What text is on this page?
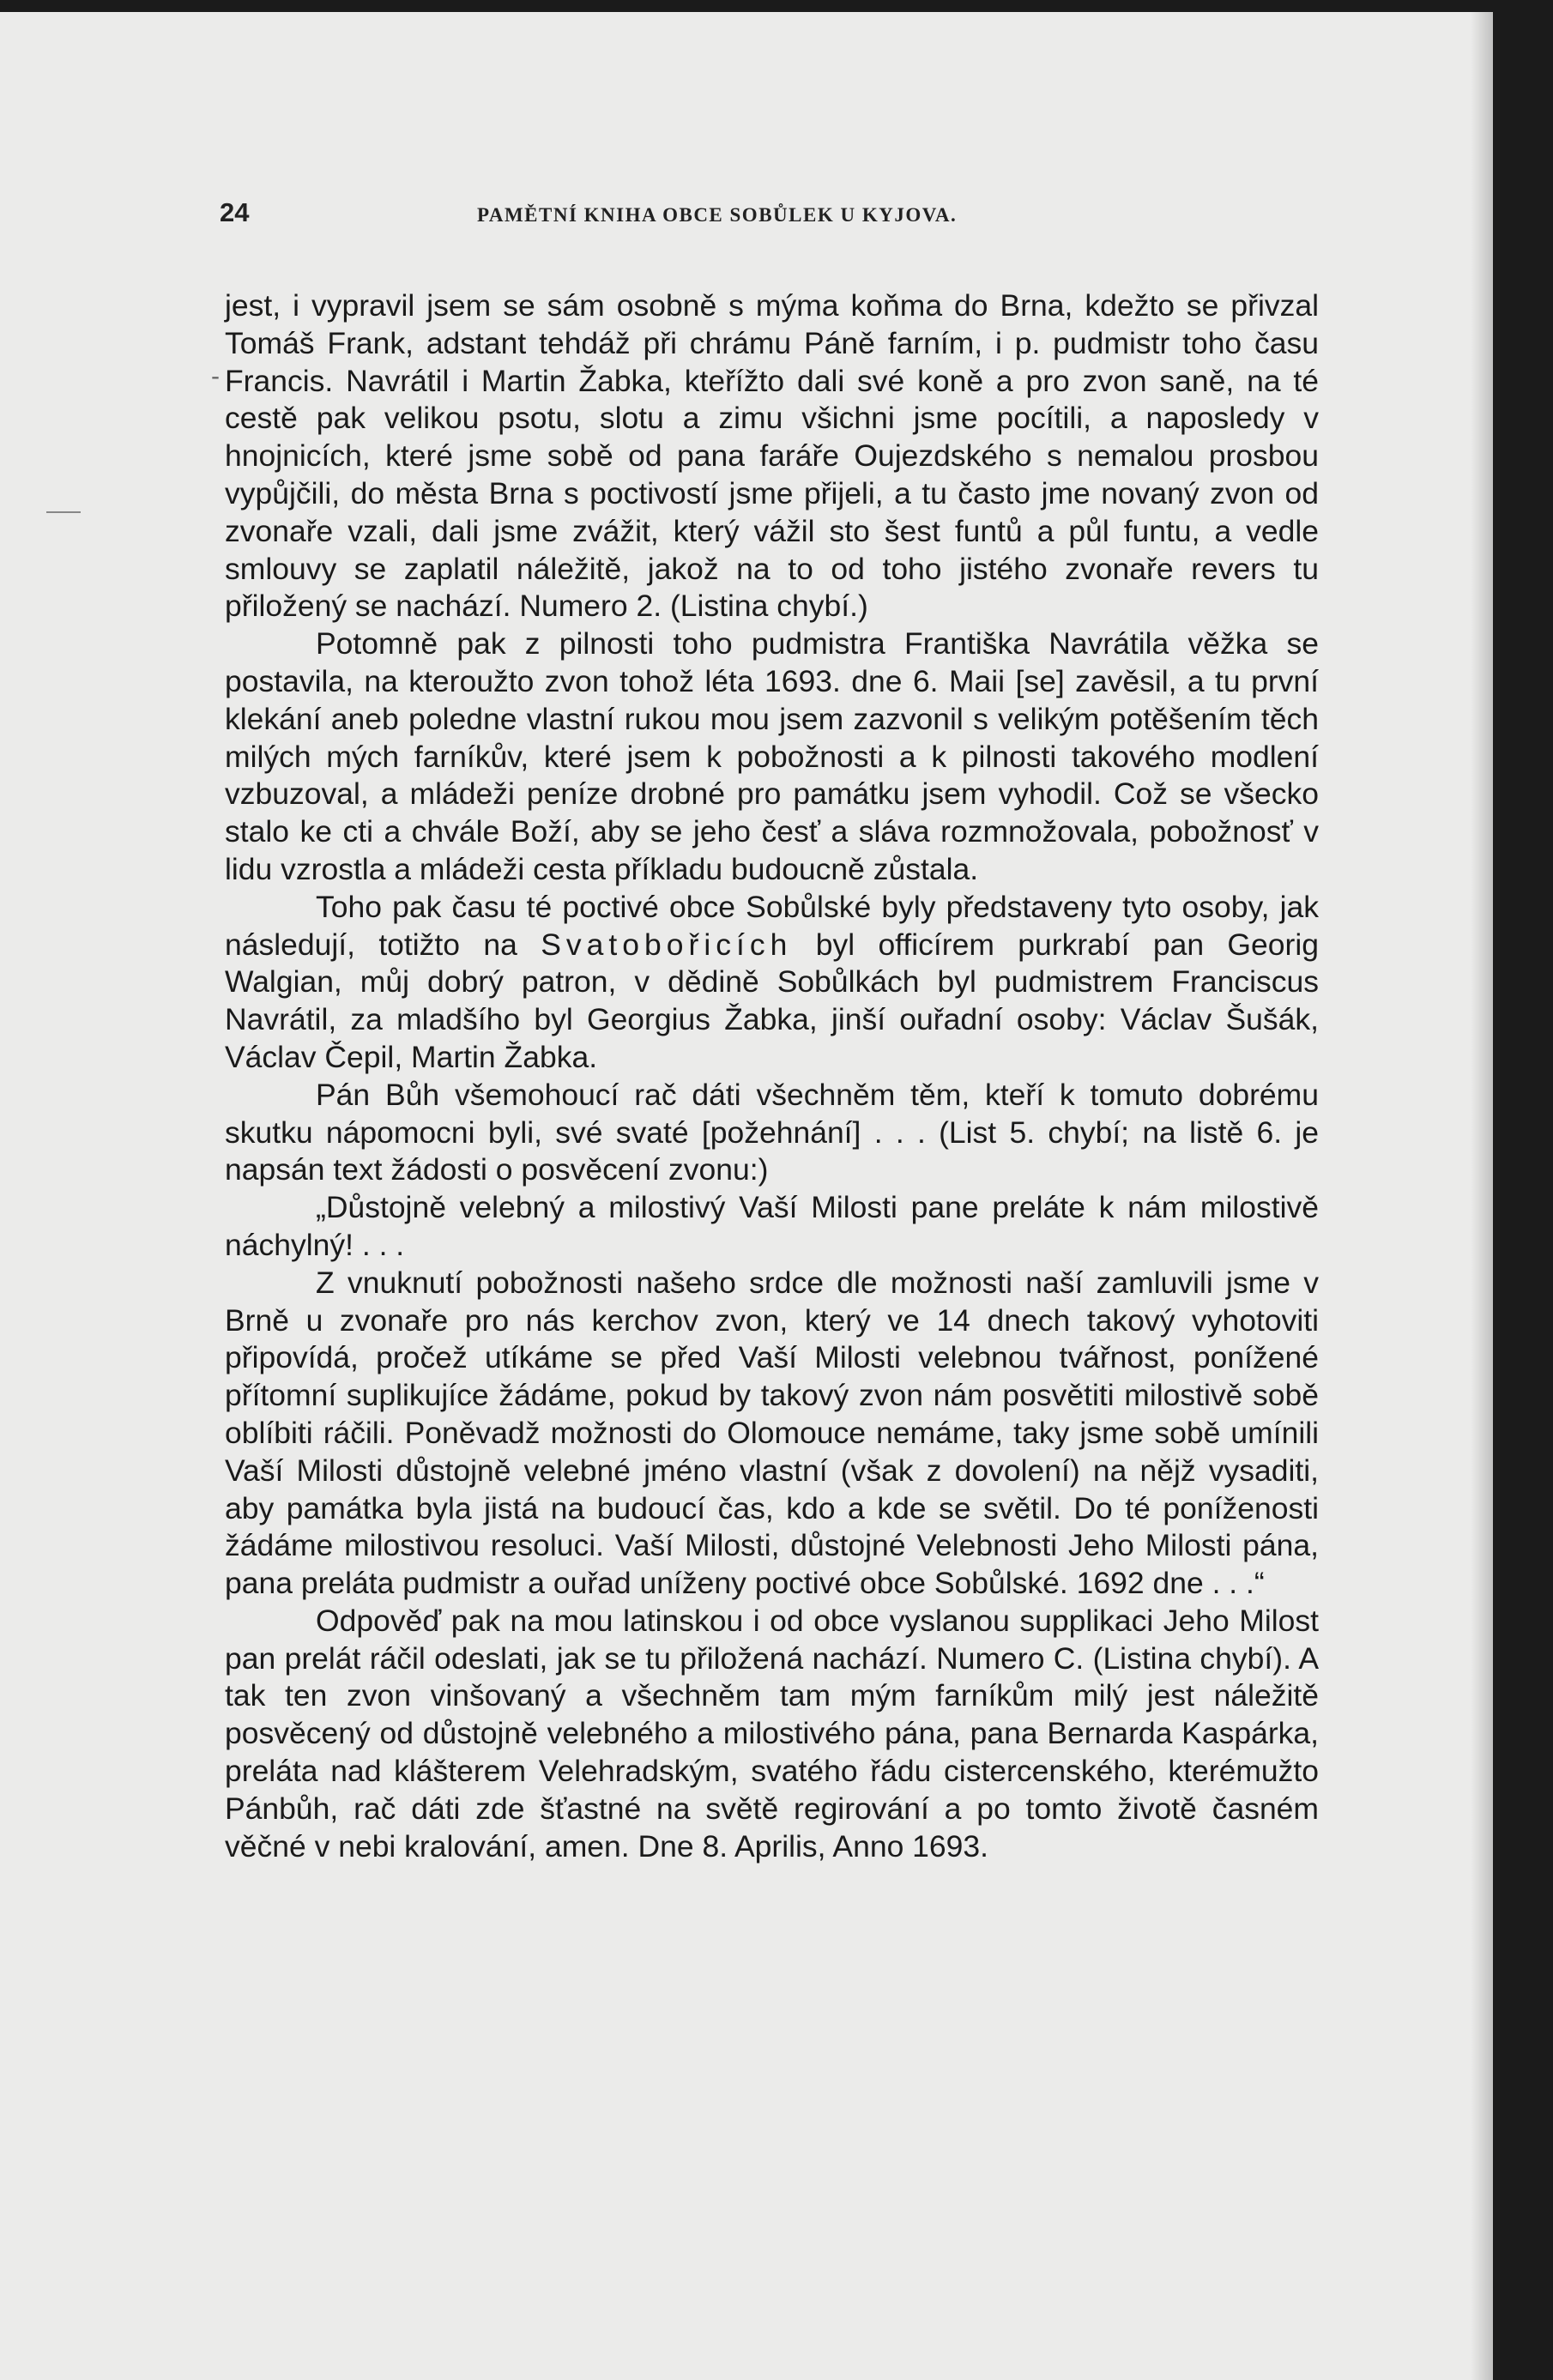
24	PAMĚTNÍ KNIHA OBCE SOBŮLEK U KYJOVA.
-

jest, i vypravil jsem se sám osobně s mýma koňma do Brna, kdežto se přivzal Tomáš Frank, adstant tehdáž při chrámu Páně farním, i p. pudmistr toho času Francis. Navrátil i Martin Žabka, kteřížto dali své koně a pro zvon saně, na té cestě pak velikou psotu, slotu a zimu všichni jsme pocítili, a naposledy v hnojnicích, které jsme sobě od pana faráře Oujezdského s nemalou prosbou vypůjčili, do města Brna s poctivostí jsme přijeli, a tu často jme novaný zvon od zvonaře vzali, dali jsme zvážit, který vážil sto šest funtů a půl funtu, a vedle smlouvy se zaplatil náležitě, jakož na to od toho jistého zvonaře revers tu přiložený se nachází. Numero 2. (Listina chybí.)

Potomně pak z pilnosti toho pudmistra Františka Navrátila věžka se postavila, na kteroužto zvon tohož léta 1693. dne 6. Maii [se] zavěsil, a tu první klekání aneb poledne vlastní rukou mou jsem zazvonil s velikým potěšením těch milých mých farníkův, které jsem k pobožnosti a k pilnosti takového modlení vzbuzoval, a mládeži peníze drobné pro památku jsem vyhodil. Což se všecko stalo ke cti a chvále Boží, aby se jeho česť a sláva rozmnožovala, pobožnosť v lidu vzrostla a mládeži cesta příkladu budoucně zůstala.

Toho pak času té poctivé obce Sobůlské byly představeny tyto osoby, jak následují, totižto na Svatobořicích byl officírem purkrabí pan Georig Walgian, můj dobrý patron, v dědině Sobůlkách byl pudmistrem Franciscus Navrátil, za mladšího byl Georgius Žabka, jinší ouřadní osoby: Václav Šušák, Václav Čepil, Martin Žabka.

Pán Bůh všemohoucí rač dáti všechněm těm, kteří k tomuto dobrému skutku nápomocni byli, své svaté [požehnání] . . . (List 5. chybí; na listě 6. je napsán text žádosti o posvěcení zvonu:)

„Důstojně velebný a milostivý Vaší Milosti pane preláte k nám milostivě náchylný! . . .

Z vnuknutí pobožnosti našeho srdce dle možnosti naší zamluvili jsme v Brně u zvonaře pro nás kerchov zvon, který ve 14 dnech takový vyhotoviti připovídá, pročež utíkáme se před Vaší Milosti velebnou tvářnost, ponížené přítomní suplikujíce žádáme, pokud by takový zvon nám posvětiti milostivě sobě oblíbiti ráčili. Poněvadž možnosti do Olomouce nemáme, taky jsme sobě umínili Vaší Milosti důstojně velebné jméno vlastní (však z dovolení) na nějž vysaditi, aby památka byla jistá na budoucí čas, kdo a kde se světil. Do té poníženosti žádáme milostivou resoluci. Vaší Milosti, důstojné Velebnosti Jeho Milosti pána, pana preláta pudmistr a ouřad uníženy poctivé obce Sobůlské. 1692 dne . . .“

Odpověď pak na mou latinskou i od obce vyslanou supplikaci Jeho Milost pan prelát ráčil odeslati, jak se tu přiložená nachází. Numero C. (Listina chybí). A tak ten zvon vinšovaný a všechněm tam mým farníkům milý jest náležitě posvěcený od důstojně velebného a milostivého pána, pana Bernarda Kaspárka, preláta nad klášterem Velehradským, svatého řádu cistercenského, kterémužto Pánbůh, rač dáti zde šťastné na světě regirování a po tomto životě časném věčné v nebi kralování, amen. Dne 8. Aprilis, Anno 1693.
